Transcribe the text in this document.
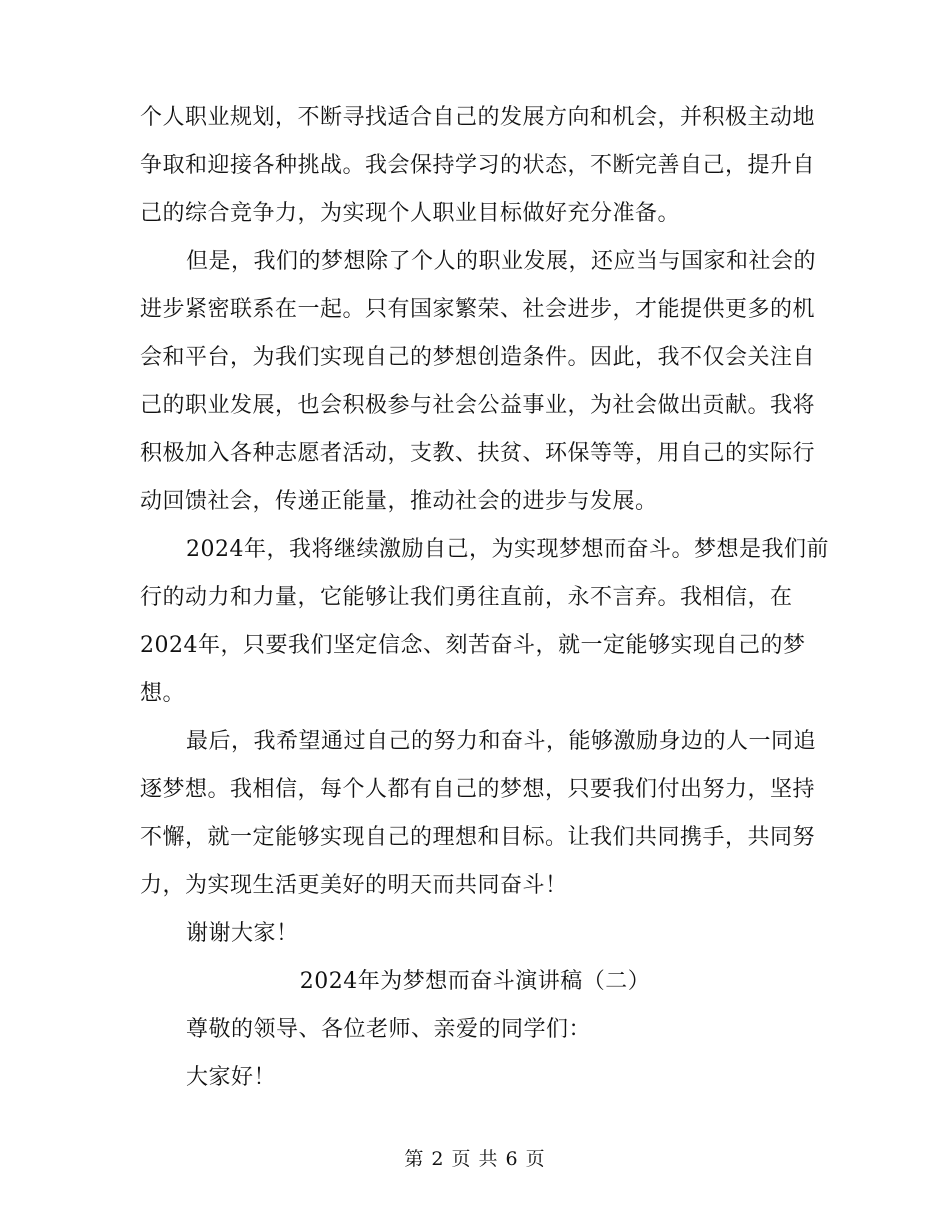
个人职业规划，不断寻找适合自己的发展方向和机会，并积极主动地
争取和迎接各种挑战。我会保持学习的状态，不断完善自己，提升自
己的综合竞争力，为实现个人职业目标做好充分准备。
但是，我们的梦想除了个人的职业发展，还应当与国家和社会的
进步紧密联系在一起。只有国家繁荣、社会进步，才能提供更多的机
会和平台，为我们实现自己的梦想创造条件。因此，我不仅会关注自
己的职业发展，也会积极参与社会公益事业，为社会做出贡献。我将
积极加入各种志愿者活动，支教、扶贫、环保等等，用自己的实际行
动回馈社会，传递正能量，推动社会的进步与发展。
2024年，我将继续激励自己，为实现梦想而奋斗。梦想是我们前
行的动力和力量，它能够让我们勇往直前，永不言弃。我相信，在
2024年，只要我们坚定信念、刻苦奋斗，就一定能够实现自己的梦
想。
最后，我希望通过自己的努力和奋斗，能够激励身边的人一同追
逐梦想。我相信，每个人都有自己的梦想，只要我们付出努力，坚持
不懈，就一定能够实现自己的理想和目标。让我们共同携手，共同努
力，为实现生活更美好的明天而共同奋斗！
谢谢大家！
2024年为梦想而奋斗演讲稿（二）
尊敬的领导、各位老师、亲爱的同学们：
大家好！
第 2 页 共 6 页
